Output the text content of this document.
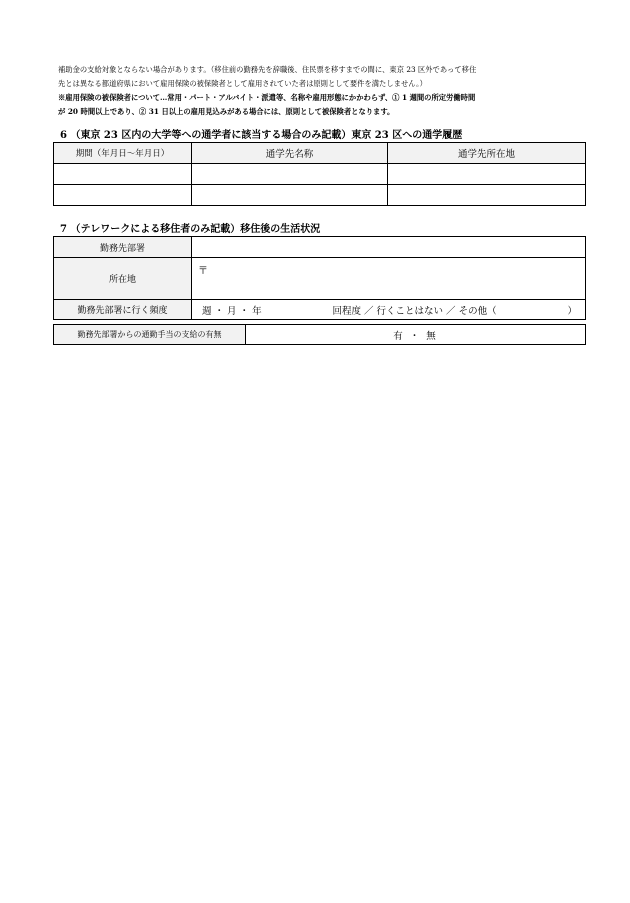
補助金の支給対象とならない場合があります。（移住前の勤務先を辞職後、住民票を移すまでの間に、東京 23 区外であって移住

先とは異なる都道府県において雇用保険の被保険者として雇用されていた者は原則として要件を満たしません。）

※雇用保険の被保険者について…常用・パート・アルバイト・派遣等、名称や雇用形態にかかわらず、① 1 週間の所定労働時間

が 20 時間以上であり、② 31 日以上の雇用見込みがある場合には、原則として被保険者となります。

6 （東京 23 区内の大学等への通学者に該当する場合のみ記載）東京 23 区への通学履歴
期間（年月日～年月日）	通学先名称	通学先所在地

7 （テレワークによる移住者のみ記載）移住後の生活状況
勤務先部署	
所在地	〒

勤務先部署に行く頻度	週 ・ 月 ・ 年 回程度 ／ 行くことはない ／ その他（ ）
勤務先部署からの通勤手当の支給の有無	有 ・ 無
